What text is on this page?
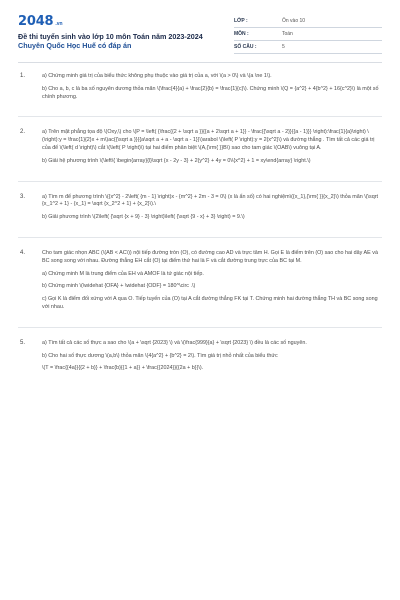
2048 .vn
Đề thi tuyển sinh vào lớp 10 môn Toán năm 2023-2024
Chuyên Quốc Học Huế có đáp án
LỚP :	Ôn vào 10
MÔN :	Toán
SỐ CÂU :	5
1.	a) Chứng minh giá trị của biểu thức không phụ thuộc vào giá trị của a, với \(a > 0\) và \(a \ne 1\).

b) Cho a, b, c là ba số nguyên dương thỏa mãn \(\frac{4}{a} + \frac{2}{b} = \frac{1}{c}\). Chứng minh \(Q = {a^2} + 4{b^2} + 16{c^2}\) là một số chính phương.

2.	a) Trên mặt phẳng tọa độ \(Oxy,\) cho \(P = \left( {\frac{{2 + \sqrt a }}{{a + 2\sqrt a + 1}} - \frac{{\sqrt a - 2}}{{a - 1}}} \right):\frac{1}{a}\right) \(\right):y = \frac{1}{2}x + m\)ac{{\sqrt a }}{{a\sqrt a + a - \sqrt a - 1}}\)arabol \(\left( P \right):y = 2{x^2}\) và đường thẳng . Tìm tất cả các giá trị của để \(\left( d \right)\) cắt \(\left( P \right)\) tại hai điểm phân biệt \(A,{\rm{ }}B\) sao cho tam giác \(OAB\) vuông tại A.

b) Giải hệ phương trình \(\left\{ \begin{array}{l}\sqrt {x - 2y - 3} + 2{y^2} + 4y = 0\\{x^2} + 1 = xy\end{array} \right.\)

3.	a) Tìm m để phương trình \({x^2} - 2\left( {m - 1} \right)x - {m^2} + 2m - 3 = 0\) (x là ẩn số) có hai nghiệm\({x_1},{\rm{ }}{x_2}\) thỏa mãn \(\sqrt {x_1^2 + 1} - {x_1} = \sqrt {x_2^2 + 1} + {x_2}\).\

b) Giải phương trình \(2\left( {\sqrt {x + 9} - 3} \right)\left( {\sqrt {9 - x} + 3} \right) = 9.\)

4.	Cho tam giác nhọn ABC (\(AB < AC\)) nội tiếp đường tròn (O), có đường cao AD và trực tâm H. Gọi E là điểm trên (O) sao cho hai dây AE và BC song song với nhau. Đường thẳng EH cắt (O) tại điểm thứ hai là F và cắt đường trung trực của BC tại M.

a) Chứng minh M là trung điểm của EH và AMOF là tứ giác nội tiếp.

b) Chứng minh \(\widehat {OFA} + \widehat {ODF} = 180^\circ .\)

c) Gọi K là điểm đối xứng với A qua O. Tiếp tuyến của (O) tại A cắt đường thẳng FK tại T. Chứng minh hai đường thẳng TH và BC song song với nhau.

5.	a) Tìm tất cả các số thực a sao cho \(a + \sqrt {2023} \) và \(\frac{999}{a} + \sqrt {2023} \) đều là các số nguyên.

b) Cho hai số thực dương \(a,b\) thỏa mãn \(4{a^2} + {b^2} = 2\). Tìm giá trị nhỏ nhất của biểu thức

\(T = \frac{{4a}}{{2 + b}} + \frac{b}{{1 + a}} + \frac{{2024}}{{2a + b}}\).
